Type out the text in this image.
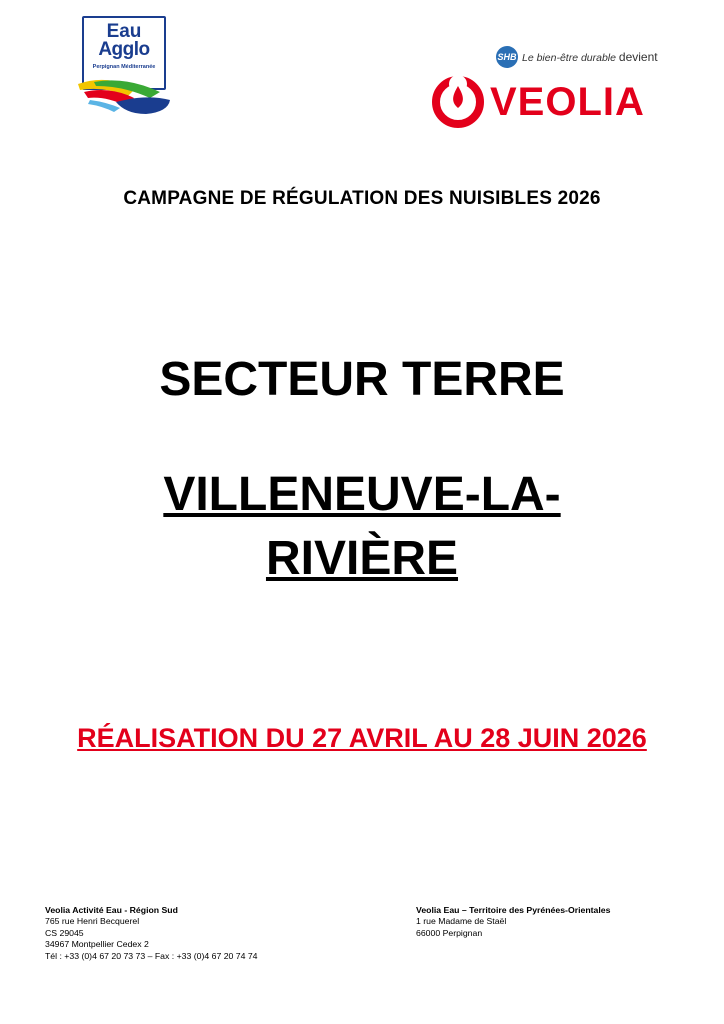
Eau
Agglo
Perpignan Méditerranée
SHB Le bien-être durable devient
VEOLIA
CAMPAGNE DE RÉGULATION DES NUISIBLES 2026
SECTEUR TERRE
VILLENEUVE-LA-
RIVIÈRE
RÉALISATION DU 27 AVRIL AU 28 JUIN 2026
Veolia Activité Eau - Région Sud
765 rue Henri Becquerel
CS 29045
34967 Montpellier Cedex 2
Tél : +33 (0)4 67 20 73 73 – Fax : +33 (0)4 67 20 74 74
Veolia Eau – Territoire des Pyrénées-Orientales
1 rue Madame de Staël
66000 Perpignan
